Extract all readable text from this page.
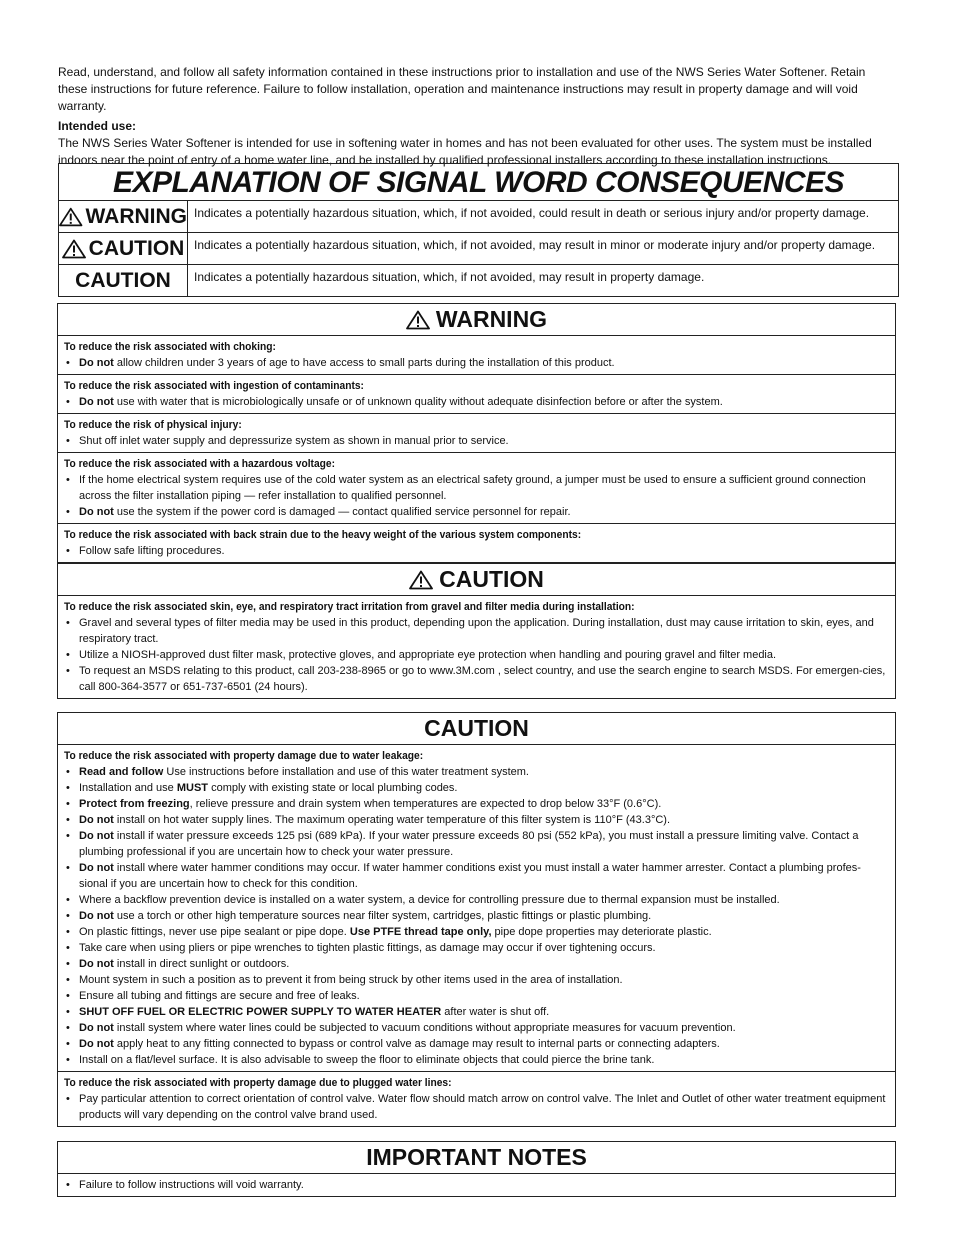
Read, understand, and follow all safety information contained in these instructions prior to installation and use of the NWS Series Water Softener. Retain these instructions for future reference. Failure to follow installation, operation and maintenance instructions may result in property damage and will void warranty.

Intended use:

The NWS Series Water Softener is intended for use in softening water in homes and has not been evaluated for other uses. The system must be installed indoors near the point of entry of a home water line, and be installed by qualified professional installers according to these installation instructions.

EXPLANATION OF SIGNAL WORD CONSEQUENCES
WARNING Indicates a potentially hazardous situation, which, if not avoided, could result in death or serious injury and/or property damage.
CAUTION Indicates a potentially hazardous situation, which, if not avoided, may result in minor or moderate injury and/or property damage.
CAUTION	Indicates a potentially hazardous situation, which, if not avoided, may result in property damage.
WARNING
To reduce the risk associated with choking:
• Do not allow children under 3 years of age to have access to small parts during the installation of this product.
To reduce the risk associated with ingestion of contaminants:
• Do not use with water that is microbiologically unsafe or of unknown quality without adequate disinfection before or after the system.
To reduce the risk of physical injury:
• Shut off inlet water supply and depressurize system as shown in manual prior to service.
To reduce the risk associated with a hazardous voltage:
• If the home electrical system requires use of the cold water system as an electrical safety ground, a jumper must be used to ensure a sufficient ground connection across the filter installation piping — refer installation to qualified personnel.
• Do not use the system if the power cord is damaged — contact qualified service personnel for repair.
To reduce the risk associated with back strain due to the heavy weight of the various system components:
• Follow safe lifting procedures.
CAUTION
To reduce the risk associated skin, eye, and respiratory tract irritation from gravel and filter media during installation:
• Gravel and several types of filter media may be used in this product, depending upon the application. During installation, dust may cause irritation to skin, eyes, and respiratory tract.
• Utilize a NIOSH-approved dust filter mask, protective gloves, and appropriate eye protection when handling and pouring gravel and filter media.
• To request an MSDS relating to this product, call 203-238-8965 or go to www.3M.com , select country, and use the search engine to search MSDS. For emergen-cies, call 800-364-3577 or 651-737-6501 (24 hours).
CAUTION
To reduce the risk associated with property damage due to water leakage:
• Read and follow Use instructions before installation and use of this water treatment system.
• Installation and use MUST comply with existing state or local plumbing codes.
• Protect from freezing, relieve pressure and drain system when temperatures are expected to drop below 33°F (0.6°C).
• Do not install on hot water supply lines. The maximum operating water temperature of this filter system is 110°F (43.3°C).
• Do not install if water pressure exceeds 125 psi (689 kPa). If your water pressure exceeds 80 psi (552 kPa), you must install a pressure limiting valve. Contact a plumbing professional if you are uncertain how to check your water pressure.
• Do not install where water hammer conditions may occur. If water hammer conditions exist you must install a water hammer arrester. Contact a plumbing profes-sional if you are uncertain how to check for this condition.
• Where a backflow prevention device is installed on a water system, a device for controlling pressure due to thermal expansion must be installed.
• Do not use a torch or other high temperature sources near filter system, cartridges, plastic fittings or plastic plumbing.
• On plastic fittings, never use pipe sealant or pipe dope. Use PTFE thread tape only, pipe dope properties may deteriorate plastic.
• Take care when using pliers or pipe wrenches to tighten plastic fittings, as damage may occur if over tightening occurs.
• Do not install in direct sunlight or outdoors.
• Mount system in such a position as to prevent it from being struck by other items used in the area of installation.
• Ensure all tubing and fittings are secure and free of leaks.
• SHUT OFF FUEL OR ELECTRIC POWER SUPPLY TO WATER HEATER after water is shut off.
• Do not install system where water lines could be subjected to vacuum conditions without appropriate measures for vacuum prevention.
• Do not apply heat to any fitting connected to bypass or control valve as damage may result to internal parts or connecting adapters.
• Install on a flat/level surface. It is also advisable to sweep the floor to eliminate objects that could pierce the brine tank.
To reduce the risk associated with property damage due to plugged water lines:
• Pay particular attention to correct orientation of control valve. Water flow should match arrow on control valve. The Inlet and Outlet of other water treatment equipment products will vary depending on the control valve brand used.
IMPORTANT NOTES
• Failure to follow instructions will void warranty.
